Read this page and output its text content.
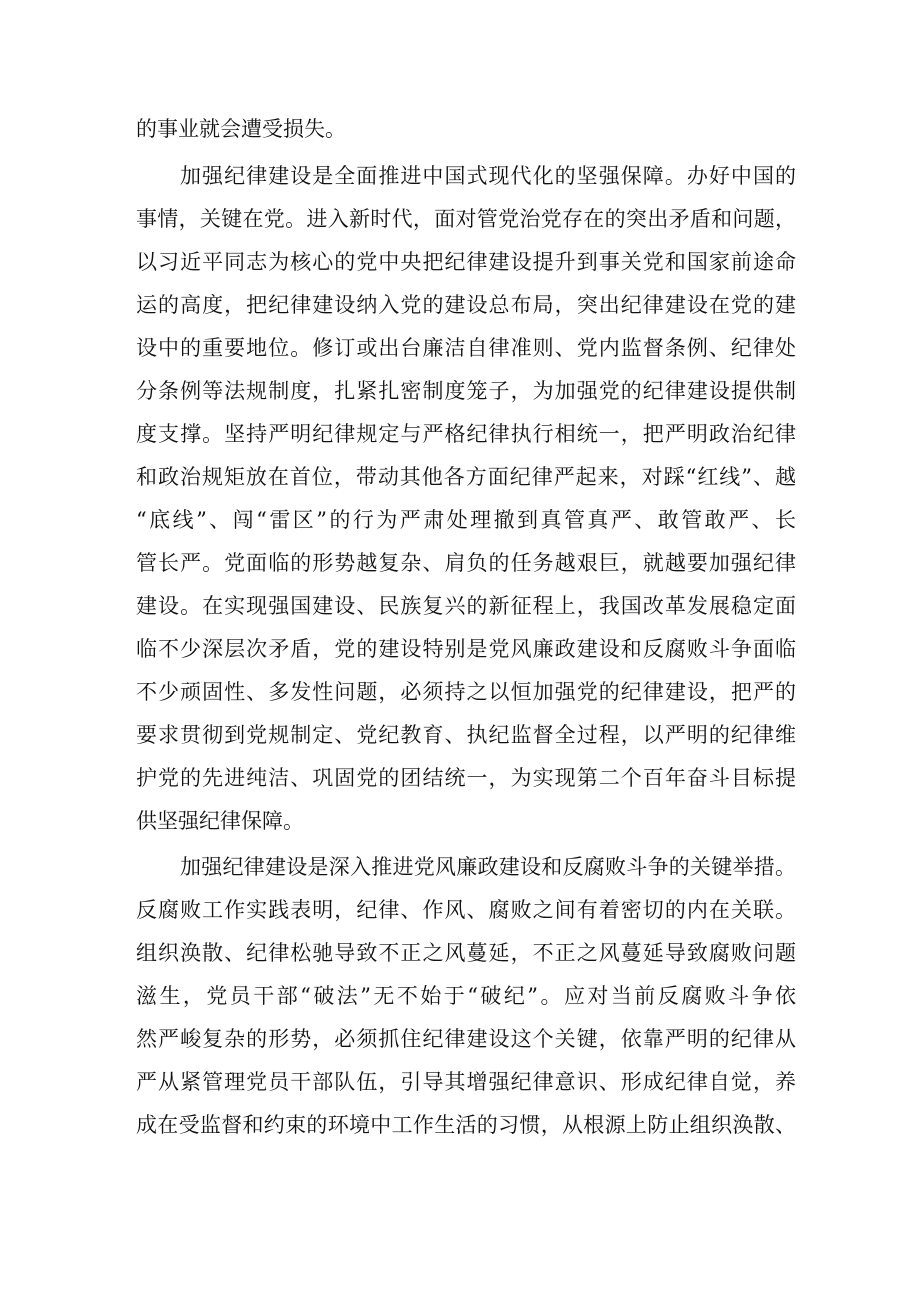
的事业就会遭受损失。
加强纪律建设是全面推进中国式现代化的坚强保障。办好中国的
事情，关键在党。进入新时代，面对管党治党存在的突出矛盾和问题，
以习近平同志为核心的党中央把纪律建设提升到事关党和国家前途命
运的高度，把纪律建设纳入党的建设总布局，突出纪律建设在党的建
设中的重要地位。修订或出台廉洁自律准则、党内监督条例、纪律处
分条例等法规制度，扎紧扎密制度笼子，为加强党的纪律建设提供制
度支撑。坚持严明纪律规定与严格纪律执行相统一，把严明政治纪律
和政治规矩放在首位，带动其他各方面纪律严起来，对踩“红线”、越
“底线”、闯“雷区”的行为严肃处理撤到真管真严、敢管敢严、长
管长严。党面临的形势越复杂、肩负的任务越艰巨，就越要加强纪律
建设。在实现强国建设、民族复兴的新征程上，我国改革发展稳定面
临不少深层次矛盾，党的建设特别是党风廉政建设和反腐败斗争面临
不少顽固性、多发性问题，必须持之以恒加强党的纪律建设，把严的
要求贯彻到党规制定、党纪教育、执纪监督全过程，以严明的纪律维
护党的先进纯洁、巩固党的团结统一，为实现第二个百年奋斗目标提
供坚强纪律保障。
加强纪律建设是深入推进党风廉政建设和反腐败斗争的关键举措。
反腐败工作实践表明，纪律、作风、腐败之间有着密切的内在关联。
组织涣散、纪律松驰导致不正之风蔓延，不正之风蔓延导致腐败问题
滋生，党员干部“破法”无不始于“破纪”。应对当前反腐败斗争依
然严峻复杂的形势，必须抓住纪律建设这个关键，依靠严明的纪律从
严从紧管理党员干部队伍，引导其增强纪律意识、形成纪律自觉，养
成在受监督和约束的环境中工作生活的习惯，从根源上防止组织涣散、
